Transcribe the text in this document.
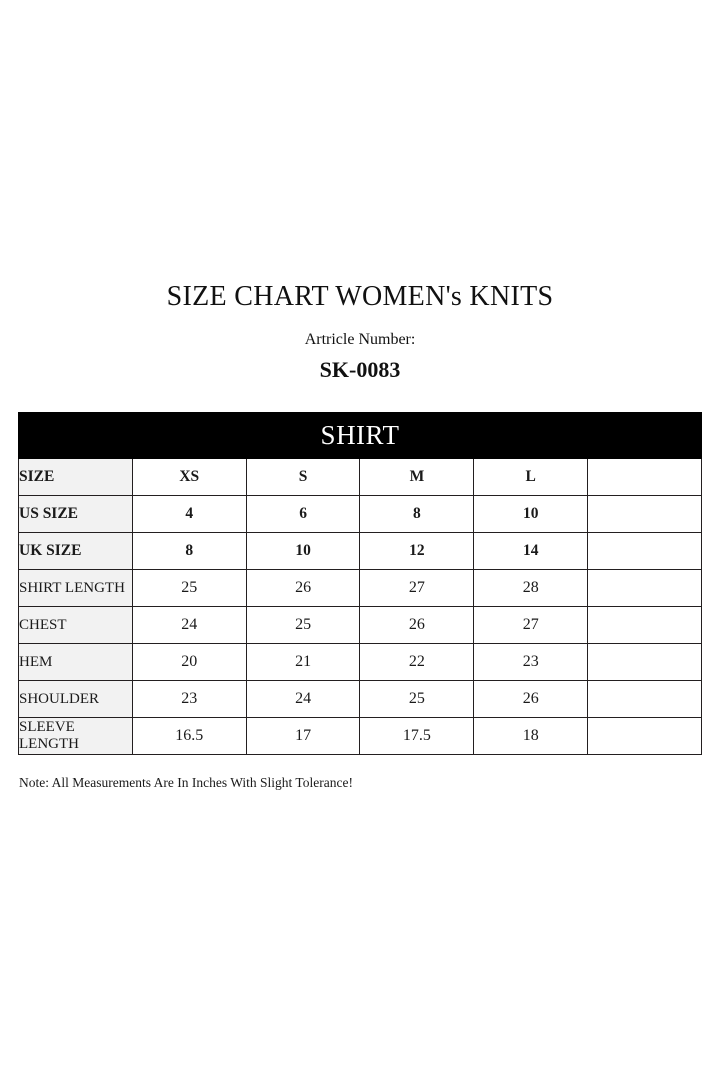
SIZE CHART WOMEN's KNITS
Artricle Number:
SK-0083
SHIRT					
SIZE	XS	S	M	L	
US SIZE	4	6	8	10	
UK SIZE	8	10	12	14	
SHIRT LENGTH	25	26	27	28	
CHEST	24	25	26	27	
HEM	20	21	22	23	
SHOULDER	23	24	25	26	
SLEEVE LENGTH	16.5	17	17.5	18	
Note: All Measurements Are In Inches With Slight Tolerance!
